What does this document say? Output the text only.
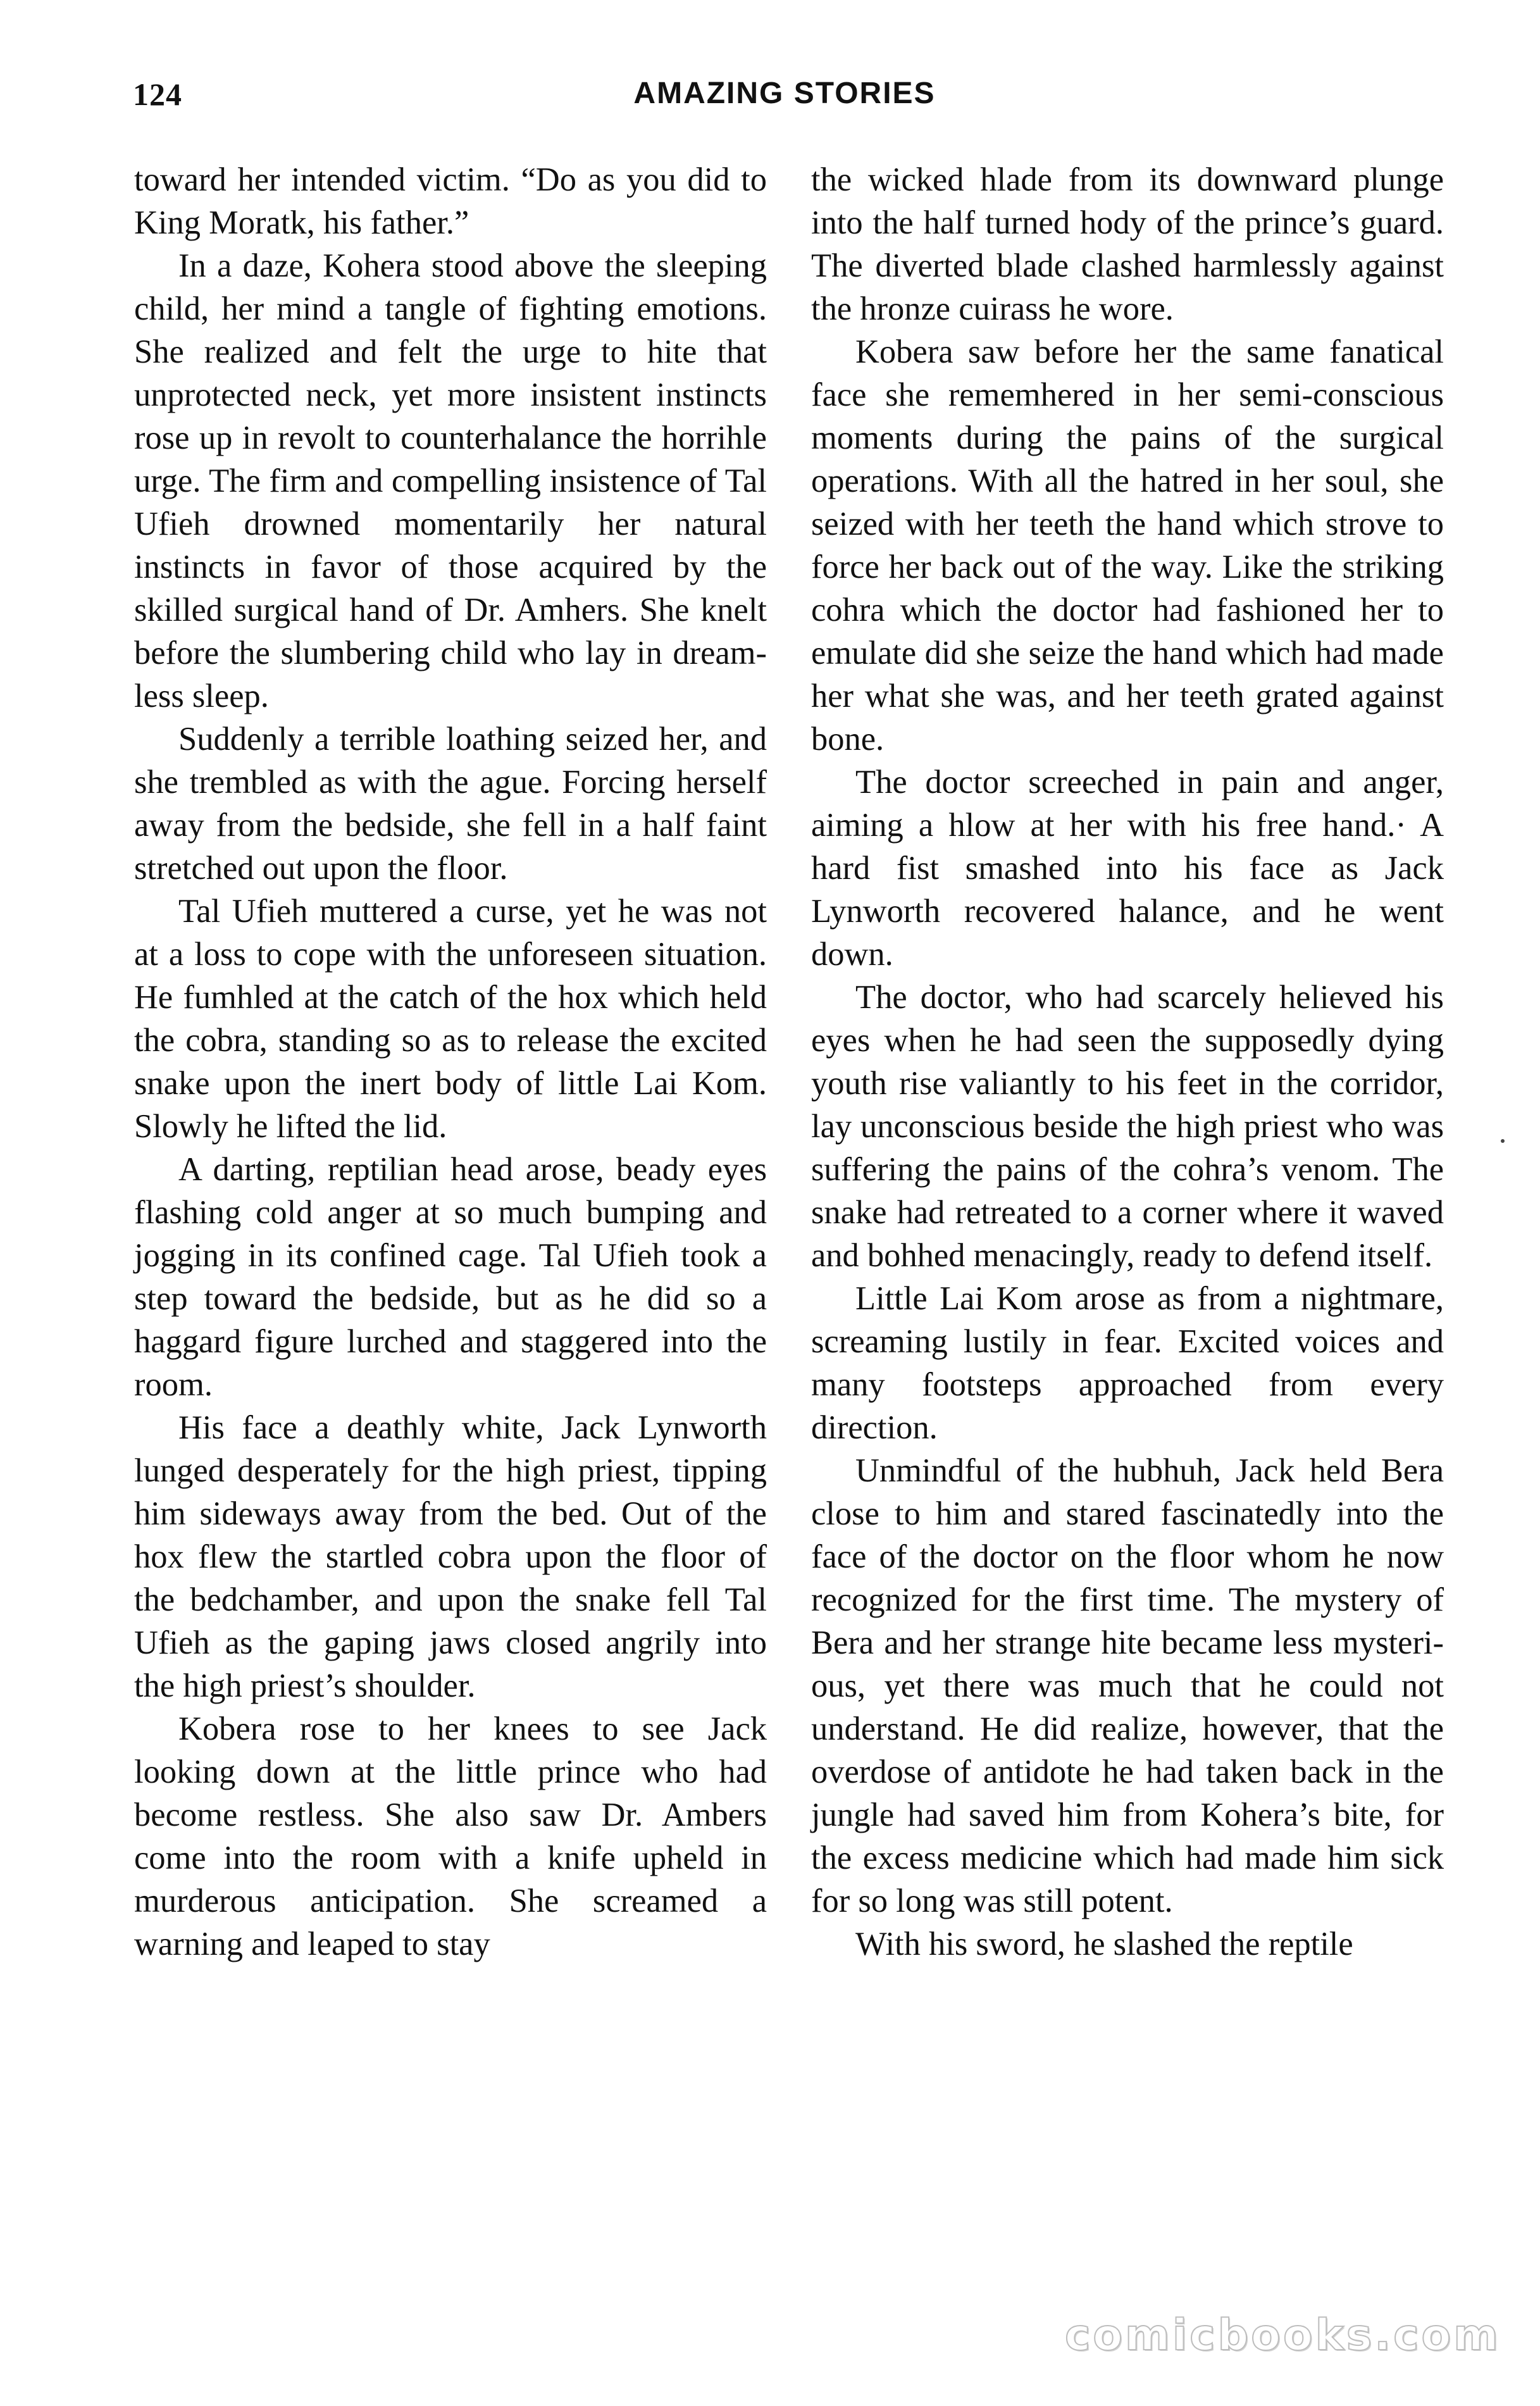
124	AMAZING STORIES

toward her intended victim. “Do as you did to King Moratk, his father.”

In a daze, Kohera stood above the sleeping child, her mind a tangle of fighting emotions. She realized and felt the urge to hite that unprotected neck, yet more insistent instincts rose up in revolt to counterhalance the horrihle urge. The firm and compelling insistence of Tal Ufieh drowned momentarily her natural instincts in favor of those acquired by the skilled surgical hand of Dr. Amhers. She knelt before the slumbering child who lay in dreamless sleep.

Suddenly a terrible loathing seized her, and she trembled as with the ague. Forcing herself away from the bedside, she fell in a half faint stretched out upon the floor.

Tal Ufieh muttered a curse, yet he was not at a loss to cope with the unforeseen situation. He fumhled at the catch of the hox which held the cobra, standing so as to release the excited snake upon the inert body of little Lai Kom. Slowly he lifted the lid.

A darting, reptilian head arose, beady eyes flashing cold anger at so much bumping and jogging in its confined cage. Tal Ufieh took a step toward the bedside, but as he did so a haggard figure lurched and staggered into the room.

His face a deathly white, Jack Lynworth lunged desperately for the high priest, tipping him sideways away from the bed. Out of the hox flew the startled cobra upon the floor of the bedchamber, and upon the snake fell Tal Ufieh as the gaping jaws closed angrily into the high priest’s shoulder.

Kobera rose to her knees to see Jack looking down at the little prince who had become restless. She also saw Dr. Ambers come into the room with a knife upheld in murderous anticipation. She screamed a warning and leaped to stay

the wicked hlade from its downward plunge into the half turned hody of the prince’s guard. The diverted blade clashed harmlessly against the hronze cuirass he wore.

Kobera saw before her the same fanatical face she rememhered in her semi-conscious moments during the pains of the surgical operations. With all the hatred in her soul, she seized with her teeth the hand which strove to force her back out of the way. Like the striking cohra which the doctor had fashioned her to emulate did she seize the hand which had made her what she was, and her teeth grated against bone.

The doctor screeched in pain and anger, aiming a hlow at her with his free hand.· A hard fist smashed into his face as Jack Lynworth recovered halance, and he went down.

The doctor, who had scarcely helieved his eyes when he had seen the supposedly dying youth rise valiantly to his feet in the corridor, lay unconscious beside the high priest who was suffering the pains of the cohra’s venom. The snake had retreated to a corner where it waved and bohhed menacingly, ready to defend itself.

Little Lai Kom arose as from a nightmare, screaming lustily in fear. Excited voices and many footsteps approached from every direction.

Unmindful of the hubhuh, Jack held Bera close to him and stared fascinatedly into the face of the doctor on the floor whom he now recognized for the first time. The mystery of Bera and her strange hite became less mysterious, yet there was much that he could not understand. He did realize, however, that the overdose of antidote he had taken back in the jungle had saved him from Kohera’s bite, for the excess medicine which had made him sick for so long was still potent.

With his sword, he slashed the reptile

comicbooks.com
